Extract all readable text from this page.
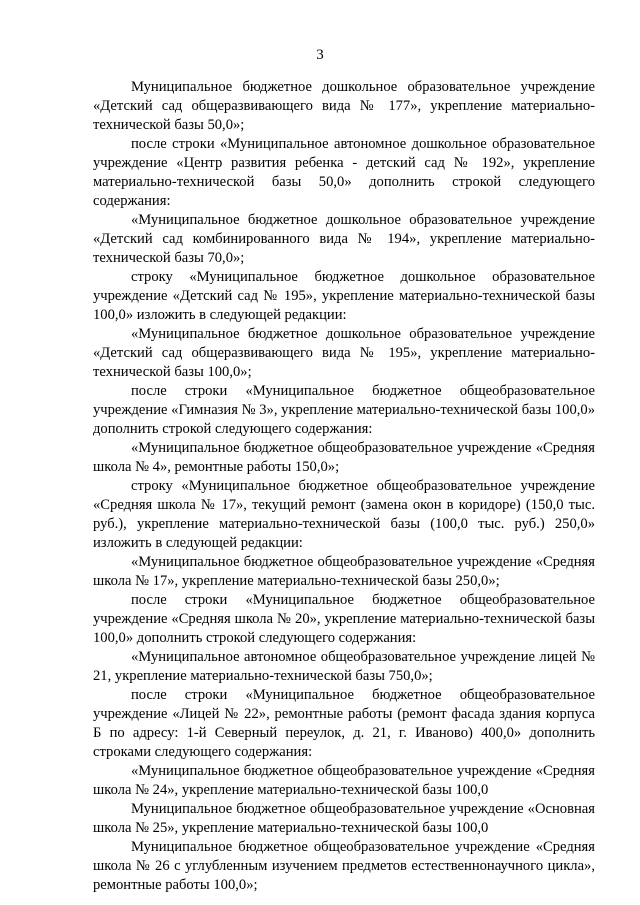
3

Муниципальное бюджетное дошкольное образовательное учреждение «Детский сад общеразвивающего вида № 177», укрепление материально-технической базы 50,0»;

после строки «Муниципальное автономное дошкольное образовательное учреждение «Центр развития ребенка - детский сад № 192», укрепление материально-технической базы 50,0» дополнить строкой следующего содержания:

«Муниципальное бюджетное дошкольное образовательное учреждение «Детский сад комбинированного вида № 194», укрепление материально-технической базы 70,0»;

строку «Муниципальное бюджетное дошкольное образовательное учреждение «Детский сад № 195», укрепление материально-технической базы 100,0» изложить в следующей редакции:

«Муниципальное бюджетное дошкольное образовательное учреждение «Детский сад общеразвивающего вида № 195», укрепление материально-технической базы 100,0»;

после строки «Муниципальное бюджетное общеобразовательное учреждение «Гимназия № 3», укрепление материально-технической базы 100,0» дополнить строкой следующего содержания:

«Муниципальное бюджетное общеобразовательное учреждение «Средняя школа № 4», ремонтные работы 150,0»;

строку «Муниципальное бюджетное общеобразовательное учреждение «Средняя школа № 17», текущий ремонт (замена окон в коридоре) (150,0 тыс. руб.), укрепление материально-технической базы (100,0 тыс. руб.) 250,0» изложить в следующей редакции:

«Муниципальное бюджетное общеобразовательное учреждение «Средняя школа № 17», укрепление материально-технической базы 250,0»;

после строки «Муниципальное бюджетное общеобразовательное учреждение «Средняя школа № 20», укрепление материально-технической базы 100,0» дополнить строкой следующего содержания:

«Муниципальное автономное общеобразовательное учреждение лицей № 21, укрепление материально-технической базы 750,0»;

после строки «Муниципальное бюджетное общеобразовательное учреждение «Лицей № 22», ремонтные работы (ремонт фасада здания корпуса Б по адресу: 1-й Северный переулок, д. 21, г. Иваново) 400,0» дополнить строками следующего содержания:

«Муниципальное бюджетное общеобразовательное учреждение «Средняя школа № 24», укрепление материально-технической базы 100,0

Муниципальное бюджетное общеобразовательное учреждение «Основная школа № 25», укрепление материально-технической базы 100,0

Муниципальное бюджетное общеобразовательное учреждение «Средняя школа № 26 с углубленным изучением предметов естественнонаучного цикла», ремонтные работы 100,0»;
